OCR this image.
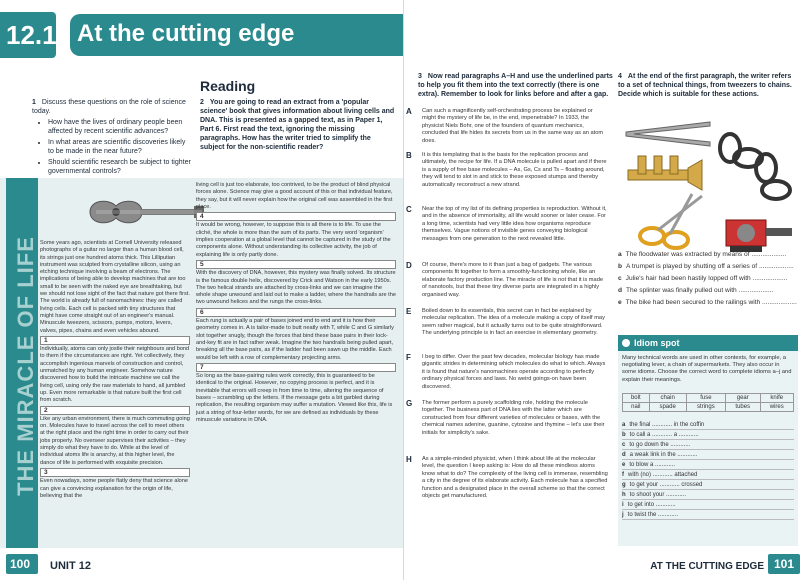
12.1 At the cutting edge
Reading
1 Discuss these questions on the role of science today.
• How have the lives of ordinary people been affected by recent scientific advances?
• In what areas are scientific discoveries likely to be made in the near future?
• Should scientific research be subject to tighter governmental controls?
2 You are going to read an extract from a 'popular science' book that gives information about living cells and DNA. This is presented as a gapped text, as in Paper 1, Part 6. First read the text, ignoring the missing paragraphs. How has the writer tried to simplify the subject for the non-scientific reader?
THE MIRACLE OF LIFE Some years ago, scientists at Cornell University released photographs of a guitar no larger than a human blood cell, its strings just one hundred atoms thick. This Lilliputian instrument was sculpted from crystalline silicon, using an etching technique involving a beam of electrons. The implications of being able to develop machines that are too small to be seen with the naked eye are breathtaking, but we should not lose sight of the fact that nature got there first. The world is already full of nanomachines: they are called living cells. Each cell is packed with tiny structures that might have come straight out of an engineer's manual. Minuscule tweezers, scissors, pumps, motors, levers, valves, pipes, chains and even vehicles abound.
1
Individually, atoms can only jostle their neighbours and bond to them if the circumstances are right. Yet collectively, they accomplish ingenious marvels of construction and control, unmatched by any human engineer. Somehow nature discovered how to build the intricate machine we call the living cell, using only the raw materials to hand, all jumbled up. Even more remarkable is that nature built the first cell from scratch.
2
Like any urban environment, there is much commuting going on. Molecules have to travel across the cell to meet others at the right place and the right time in order to carry out their jobs properly. No overseer supervises their activities – they simply do what they have to do. While at the level of individual atoms life is anarchy, at this higher level, the dance of life is performed with exquisite precision.
3
Even nowadays, some people flatly deny that science alone can give a convincing explanation for the origin of life, believing that the
living cell is just too elaborate, too contrived, to be the product of blind physical forces alone. Science may give a good account of this or that individual feature, they say, but it will never explain how the original cell was assembled in the first place.
4
It would be wrong, however, to suppose this is all there is to life. To use the cliché, the whole is more than the sum of its parts. The very word 'organism' implies cooperation at a global level that cannot be captured in the study of the components alone. Without understanding its collective activity, the job of explaining life is only partly done.
5
With the discovery of DNA, however, this mystery was finally solved. Its structure is the famous double helix, discovered by Crick and Watson in the early 1950s. The two helical strands are attached by cross-links and we can imagine the whole shape unwound and laid out to make a ladder, where the handrails are the two unwound helices and the rungs the cross-links.
6
Each rung is actually a pair of bases joined end to end and it is how their geometry comes in. A is tailor-made to butt neatly with T, while C and G similarly slot together snugly, though the forces that bind these base pairs in their lock-and-key fit are in fact rather weak. Imagine the two handrails being pulled apart, breaking all the base pairs, as if the ladder had been sawn up the middle. Each would be left with a row of complementary projecting arms.
7
So long as the base-pairing rules work correctly, this is guaranteed to be identical to the original. However, no copying process is perfect, and it is inevitable that errors will creep in from time to time, altering the sequence of bases – scrambling up the letters. If the message gets a bit garbled during replication, the resulting organism may suffer a mutation. Viewed like this, life is just a string of four-letter words, for we are defined as individuals by these minuscule variations in DNA.
100	UNIT 12
3 Now read paragraphs A–H and use the underlined parts to help you fit them into the text correctly (there is one extra). Remember to look for links before and after a gap.
A Can such a magnificently self-orchestrating process be explained or might the mystery of life be, in the end, impenetrable? In 1933, the physicist Niels Bohr, one of the founders of quantum mechanics, concluded that life hides its secrets from us in the same way as an atom does.
B It is this templating that is the basis for the replication process and ultimately, the recipe for life. If a DNA molecule is pulled apart and if there is a supply of free base molecules – As, Gs, Cs and Ts – floating around, they will tend to slot in and stick to these exposed stumps and thereby automatically reconstruct a new strand.
C Near the top of my list of its defining properties is reproduction. Without it, and in the absence of immortality, all life would sooner or later cease. For a long time, scientists had very little idea how organisms reproduce themselves. Vague notions of invisible genes conveying biological messages from one generation to the next revealed little.
D Of course, there's more to it than just a bag of gadgets. The various components fit together to form a smoothly-functioning whole, like an elaborate factory production line. The miracle of life is not that it is made of nanotools, but that these tiny diverse parts are integrated in a highly organised way.
E Boiled down to its essentials, this secret can in fact be explained by molecular replication. The idea of a molecule making a copy of itself may seem rather magical, but it actually turns out to be quite straightforward. The underlying principle is in fact an exercise in elementary geometry.
F I beg to differ. Over the past few decades, molecular biology has made gigantic strides in determining which molecules do what to which. Always it is found that nature's nanomachines operate according to perfectly ordinary physical forces and laws. No weird goings-on have been discovered.
G The former perform a purely scaffolding role, holding the molecule together. The business part of DNA lies with the latter which are constructed from four different varieties of molecules or bases, with the chemical names adenine, guanine, cytosine and thymine – let's use their initials for simplicity's sake.
H As a simple-minded physicist, when I think about life at the molecular level, the question I keep asking is: How do all these mindless atoms know what to do? The complexity of the living cell is immense, resembling a city in the degree of its elaborate activity. Each molecule has a specified function and a designated place in the overall scheme so that the correct objects get manufactured.
4 At the end of the first paragraph, the writer refers to a set of technical things, from tweezers to chains. Decide which is suitable for these actions.
a The floodwater was extracted by means of ...................
b A trumpet is played by shutting off a series of ...................
c Julie's hair had been hastily lopped off with ...................
d The splinter was finally pulled out with ...................
e The bike had been secured to the railings with ...................
Idiom spot
Many technical words are used in other contexts, for example, a negotiating lever, a chain of supermarkets. They also occur in some idioms. Choose the correct word to complete idioms a–j and explain their meanings.
bolt	chain	fuse	gear	knife
nail	spade	strings	tubes	wires
a the final ............ in the coffin
b to call a ............ a ............
c to go down the ............
d a weak link in the ............
e to blow a ............
f with (no) ............ attached
g to get your ............ crossed
h to shoot your ............
i to get into ............
j to twist the ............
AT THE CUTTING EDGE 101
